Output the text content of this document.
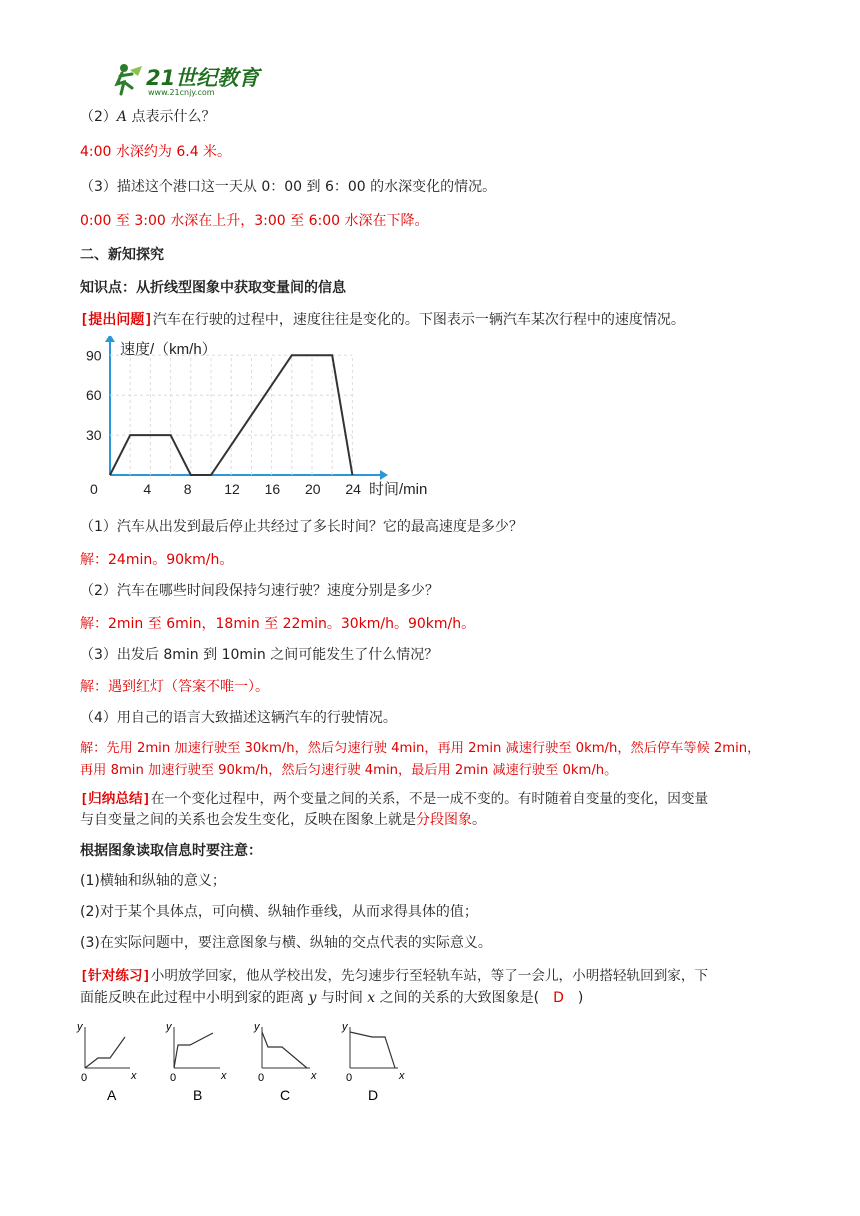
21世纪教育
www.21cnjy.com
（2）A 点表示什么？
4:00 水深约为 6.4 米。
（3）描述这个港口这一天从 0：00 到 6：00 的水深变化的情况。
0:00 至 3:00 水深在上升，3:00 至 6:00 水深在下降。
二、新知探究
知识点：从折线型图象中获取变量间的信息
[提出问题]汽车在行驶的过程中，速度往往是变化的。下图表示一辆汽车某次行程中的速度情况。
0	4 8 12 16 20 24
30
60
90 速度/（km/h）
时间/min
（1）汽车从出发到最后停止共经过了多长时间？它的最高速度是多少？
解：24min。90km/h。
（2）汽车在哪些时间段保持匀速行驶？速度分别是多少？
解：2min 至 6min，18min 至 22min。30km/h。90km/h。
（3）出发后 8min 到 10min 之间可能发生了什么情况？
解：遇到红灯（答案不唯一）。
（4）用自己的语言大致描述这辆汽车的行驶情况。
解：先用 2min 加速行驶至 30km/h，然后匀速行驶 4min，再用 2min 减速行驶至 0km/h，然后停车等候 2min，
再用 8min 加速行驶至 90km/h，然后匀速行驶 4min，最后用 2min 减速行驶至 0km/h。
[归纳总结]在一个变化过程中，两个变量之间的关系，不是一成不变的。有时随着自变量的变化，因变量
与自变量之间的关系也会发生变化，反映在图象上就是分段图象。
根据图象读取信息时要注意：
(1)横轴和纵轴的意义；
(2)对于某个具体点，可向横、纵轴作垂线，从而求得具体的值；
(3)在实际问题中，要注意图象与横、纵轴的交点代表的实际意义。
[针对练习]小明放学回家，他从学校出发，先匀速步行至轻轨车站，等了一会儿，小明搭轻轨回到家，下
面能反映在此过程中小明到家的距离 y 与时间 x 之间的关系的大致图象是( D )
y
x
0
A
y
x
0
B
y
x
0
C
y
x
0
D
